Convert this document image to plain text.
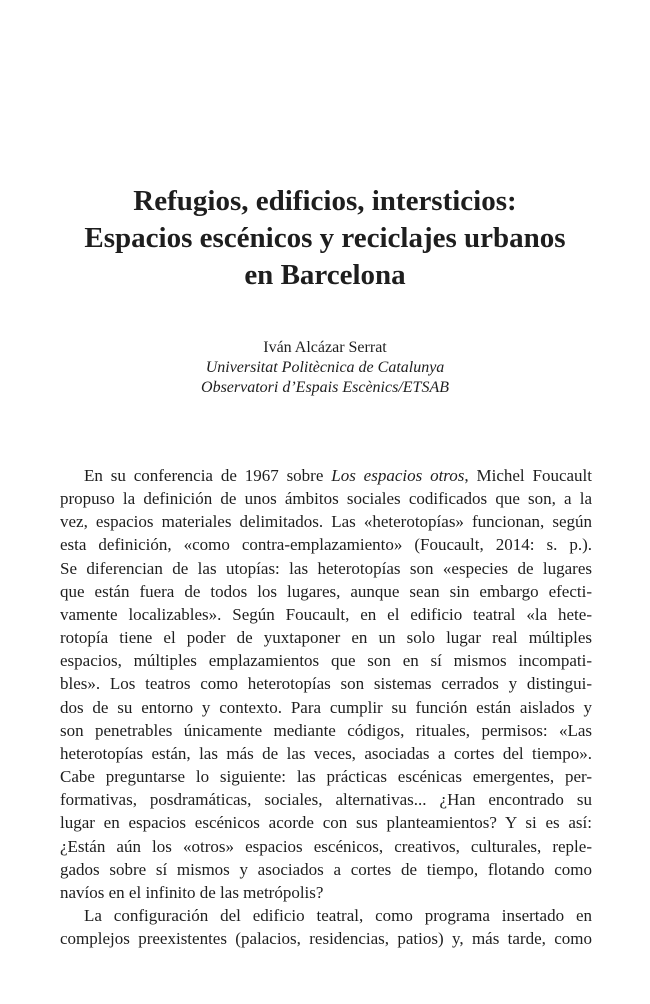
Refugios, edificios, intersticios:
Espacios escénicos y reciclajes urbanos
en Barcelona
Iván Alcázar Serrat
Universitat Politècnica de Catalunya
Observatori d’Espais Escènics/ETSAB
En su conferencia de 1967 sobre Los espacios otros, Michel Foucault
propuso la definición de unos ámbitos sociales codificados que son, a la
vez, espacios materiales delimitados. Las «heterotopías» funcionan, según
esta definición, «como contra-emplazamiento» (Foucault, 2014: s. p.).
Se diferencian de las utopías: las heterotopías son «especies de lugares
que están fuera de todos los lugares, aunque sean sin embargo efecti-
vamente localizables». Según Foucault, en el edificio teatral «la hete-
rotopía tiene el poder de yuxtaponer en un solo lugar real múltiples
espacios, múltiples emplazamientos que son en sí mismos incompati-
bles». Los teatros como heterotopías son sistemas cerrados y distingui-
dos de su entorno y contexto. Para cumplir su función están aislados y
son penetrables únicamente mediante códigos, rituales, permisos: «Las
heterotopías están, las más de las veces, asociadas a cortes del tiempo».
Cabe preguntarse lo siguiente: las prácticas escénicas emergentes, per-
formativas, posdramáticas, sociales, alternativas... ¿Han encontrado su
lugar en espacios escénicos acorde con sus planteamientos? Y si es así:
¿Están aún los «otros» espacios escénicos, creativos, culturales, reple-
gados sobre sí mismos y asociados a cortes de tiempo, flotando como
navíos en el infinito de las metrópolis?
La configuración del edificio teatral, como programa insertado en
complejos preexistentes (palacios, residencias, patios) y, más tarde, como
